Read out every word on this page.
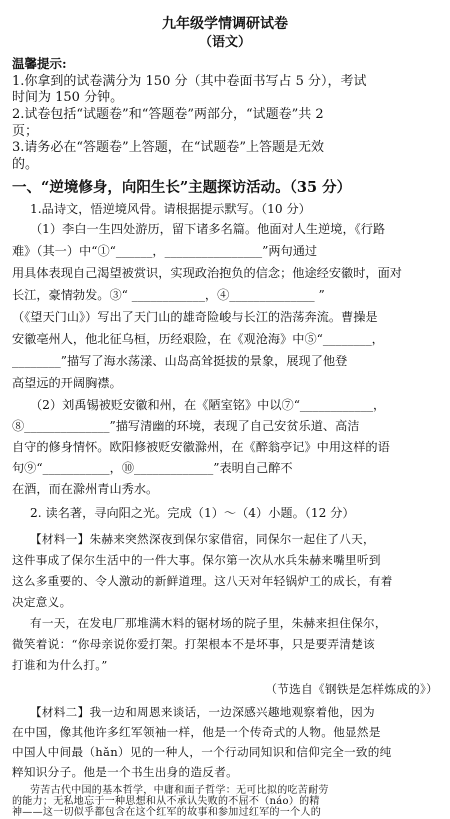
九年级学情调研试卷
（语文）
温馨提示:
1.你拿到的试卷满分为 150 分（其中卷面书写占 5 分），考试
时间为 150 分钟。
2.试卷包括“试题卷”和“答题卷”两部分，“试题卷”共 2
页；
3.请务必在“答题卷”上答题，在“试题卷”上答题是无效
的。
一、“逆境修身，向阳生长”主题探访活动。（35 分）
1.品诗文，悟逆境风骨。请根据提示默写。（10 分）
（1）李白一生四处游历，留下诸多名篇。他面对人生逆境，《行路
难》（其一）中“①“______，________________”两句通过
用具体表现自己渴望被赏识，实现政治抱负的信念；他途经安徽时，面对
长江，豪情勃发。③“ ____________，④______________ ”
（《望天门山》）写出了天门山的雄奇险峻与长江的浩荡奔流。曹操是
安徽亳州人，他北征乌桓，历经艰险，在《观沧海》中⑤“________，
________”描写了海水荡漾、山岛高耸挺拔的景象，展现了他登
高望远的开阔胸襟。
（2）刘禹锡被贬安徽和州，在《陋室铭》中以⑦“____________，
⑧______________”描写清幽的环境，表现了自己安贫乐道、高洁
自守的修身情怀。欧阳修被贬安徽滁州，在《醉翁亭记》中用这样的语
句⑨“___________，⑩_____________”表明自己醉不
在酒，而在滁州青山秀水。
2. 读名著，寻向阳之光。完成（1）～（4）小题。（12 分）
【材料一】朱赫来突然深夜到保尔家借宿，同保尔一起住了八天，
这件事成了保尔生活中的一件大事。保尔第一次从水兵朱赫来嘴里听到
这么多重要的、令人激动的新鲜道理。这八天对年轻锅炉工的成长，有着
决定意义。
有一天，在发电厂那堆满木料的锯材场的院子里，朱赫来担住保尔，
微笑着说：“你母亲说你爱打架。打架根本不是坏事，只是要弄清楚该
打谁和为什么打。”
（节选自《钢铁是怎样炼成的》）
【材料二】我一边和周恩来谈话，一边深感兴趣地观察着他，因为
在中国，像其他许多红军领袖一样，他是一个传奇式的人物。他显然是
中国人中间最（hǎn）见的一种人，一个行动同知识和信仰完全一致的纯
粹知识分子。他是一个书生出身的造反者。
劳苦古代中国的基本哲学，中庸和面子哲学：无可比拟的吃苦耐劳
的能力；无私地忘于一种思想和从不承认失败的不屈不（náo）的精
神——这一切似乎都包含在这个红军的故事和参加过红军的一个人的
